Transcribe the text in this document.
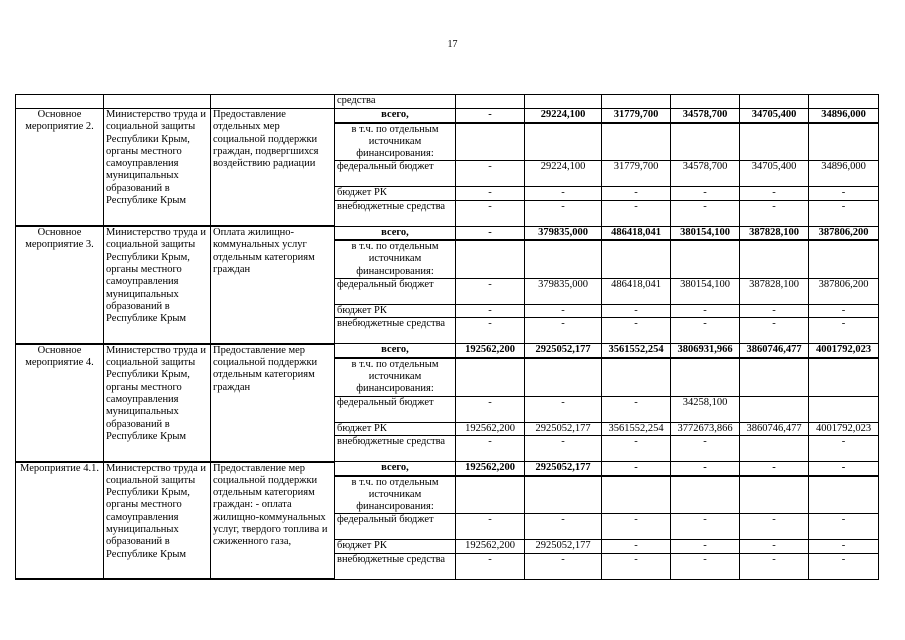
17
			средства						
Основное мероприятие 2.	Министерство труда и социальной защиты Республики Крым, органы местного самоуправления муниципальных образований в Республике Крым	Предоставление отдельных мер социальной поддержки граждан, подвергшихся воздействию радиации	всего,	-	29224,100	31779,700	34578,700	34705,400	34896,000
			в т.ч. по отдельным источникам финансирования:						
			федеральный бюджет	-	29224,100	31779,700	34578,700	34705,400	34896,000
			бюджет РК	-	-	-	-	-	-
			внебюджетные средства	-	-	-	-	-	-
Основное мероприятие 3.	Министерство труда и социальной защиты Республики Крым, органы местного самоуправления муниципальных образований в Республике Крым	Оплата жилищно-коммунальных услуг отдельным категориям граждан	всего,	-	379835,000	486418,041	380154,100	387828,100	387806,200
			в т.ч. по отдельным источникам финансирования:						
			федеральный бюджет	-	379835,000	486418,041	380154,100	387828,100	387806,200
			бюджет РК	-	-	-	-	-	-
			внебюджетные средства	-	-	-	-	-	-
Основное мероприятие 4.	Министерство труда и социальной защиты Республики Крым, органы местного самоуправления муниципальных образований в Республике Крым	Предоставление мер социальной поддержки отдельным категориям граждан	всего,	192562,200	2925052,177	3561552,254	3806931,966	3860746,477	4001792,023
			в т.ч. по отдельным источникам финансирования:						
			федеральный бюджет	-	-	-	34258,100		
			бюджет РК	192562,200	2925052,177	3561552,254	3772673,866	3860746,477	4001792,023
			внебюджетные средства	-	-	-	-		-
Мероприятие 4.1.	Министерство труда и социальной защиты Республики Крым, органы местного самоуправления муниципальных образований в Республике Крым	Предоставление мер социальной поддержки отдельным категориям граждан: - оплата жилищно-коммунальных услуг, твердого топлива и сжиженного газа,	всего,	192562,200	2925052,177	-	-	-	-
			в т.ч. по отдельным источникам финансирования:						
			федеральный бюджет	-	-	-	-	-	-
			бюджет РК	192562,200	2925052,177	-	-	-	-
			внебюджетные средства	-	-	-	-	-	-
